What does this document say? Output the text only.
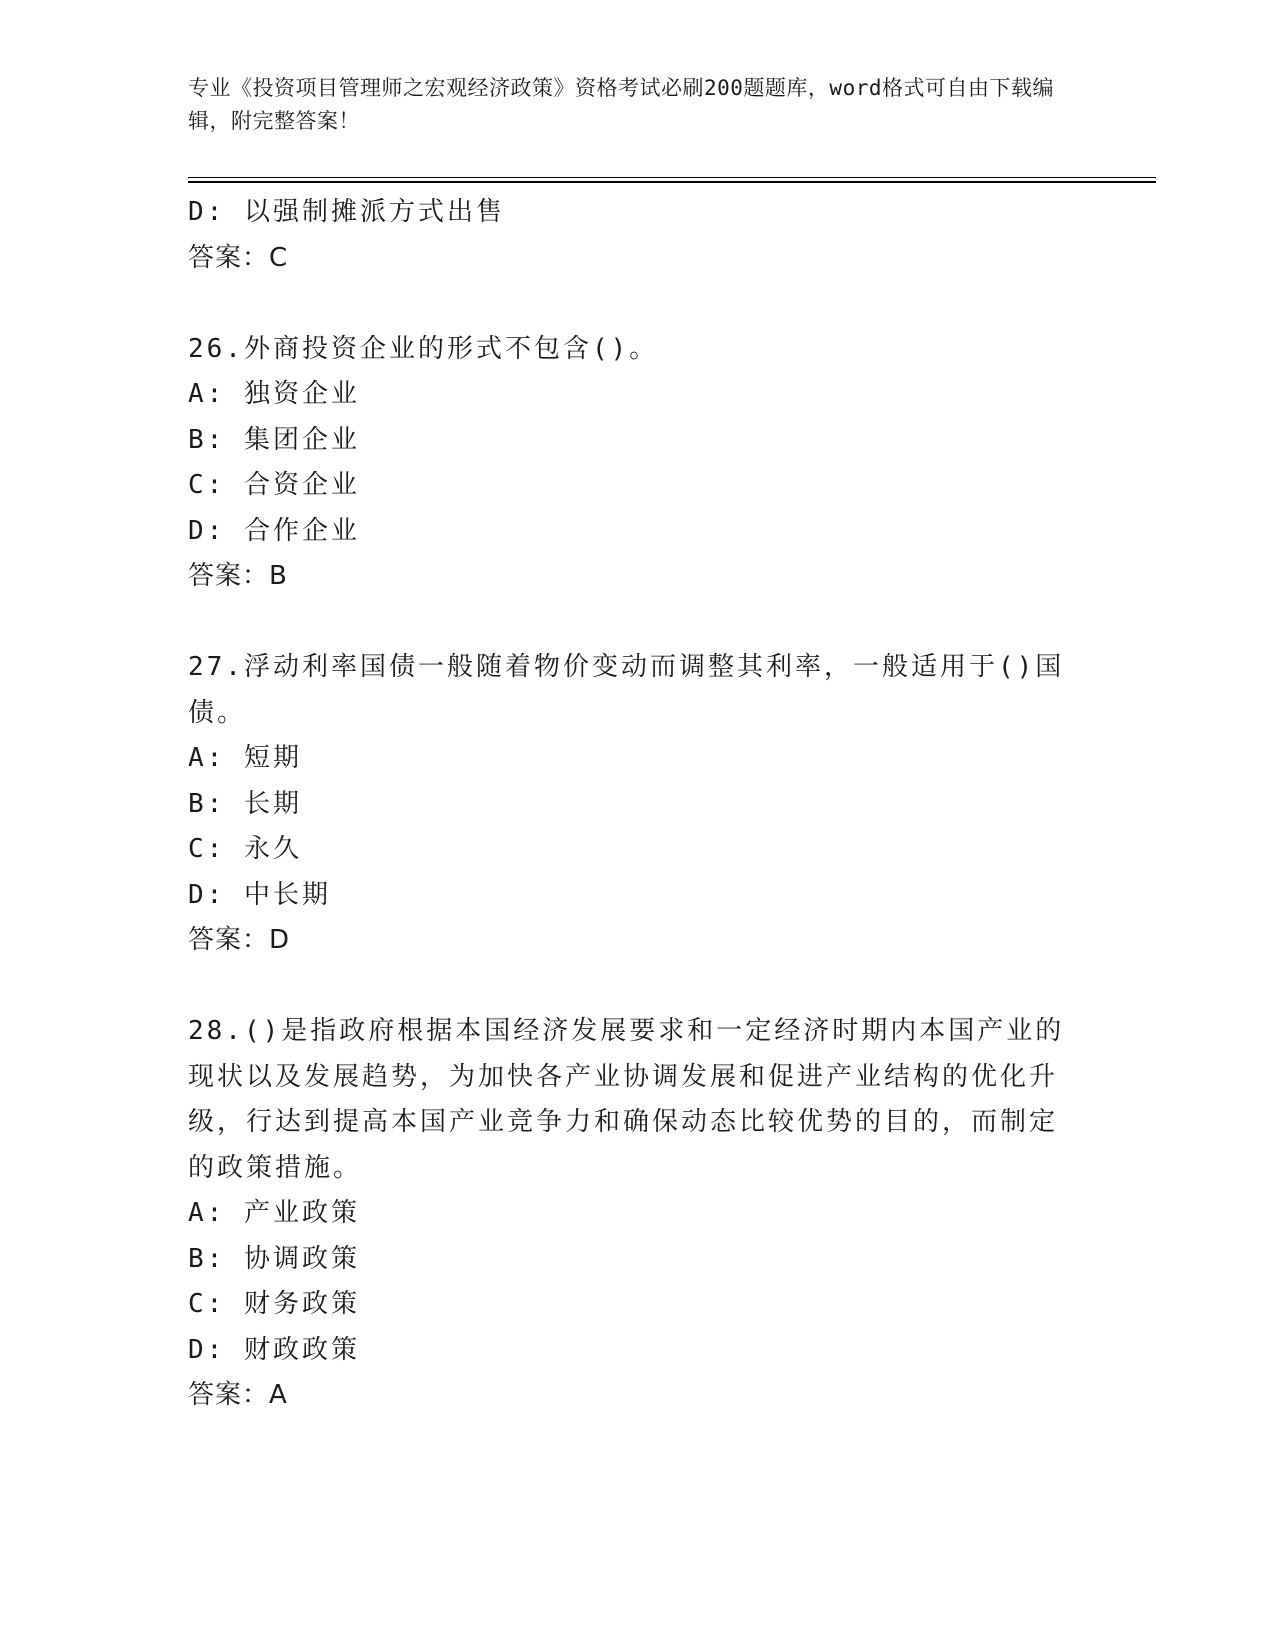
专业《投资项目管理师之宏观经济政策》资格考试必刷200题题库，word格式可自由下载编辑，附完整答案！
D: 以强制摊派方式出售
答案：C
26.外商投资企业的形式不包含()。
A: 独资企业
B: 集团企业
C: 合资企业
D: 合作企业
答案：B
27.浮动利率国债一般随着物价变动而调整其利率，一般适用于()国债。
A: 短期
B: 长期
C: 永久
D: 中长期
答案：D
28.()是指政府根据本国经济发展要求和一定经济时期内本国产业的现状以及发展趋势，为加快各产业协调发展和促进产业结构的优化升级，行达到提高本国产业竞争力和确保动态比较优势的目的，而制定的政策措施。
A: 产业政策
B: 协调政策
C: 财务政策
D: 财政政策
答案：A
